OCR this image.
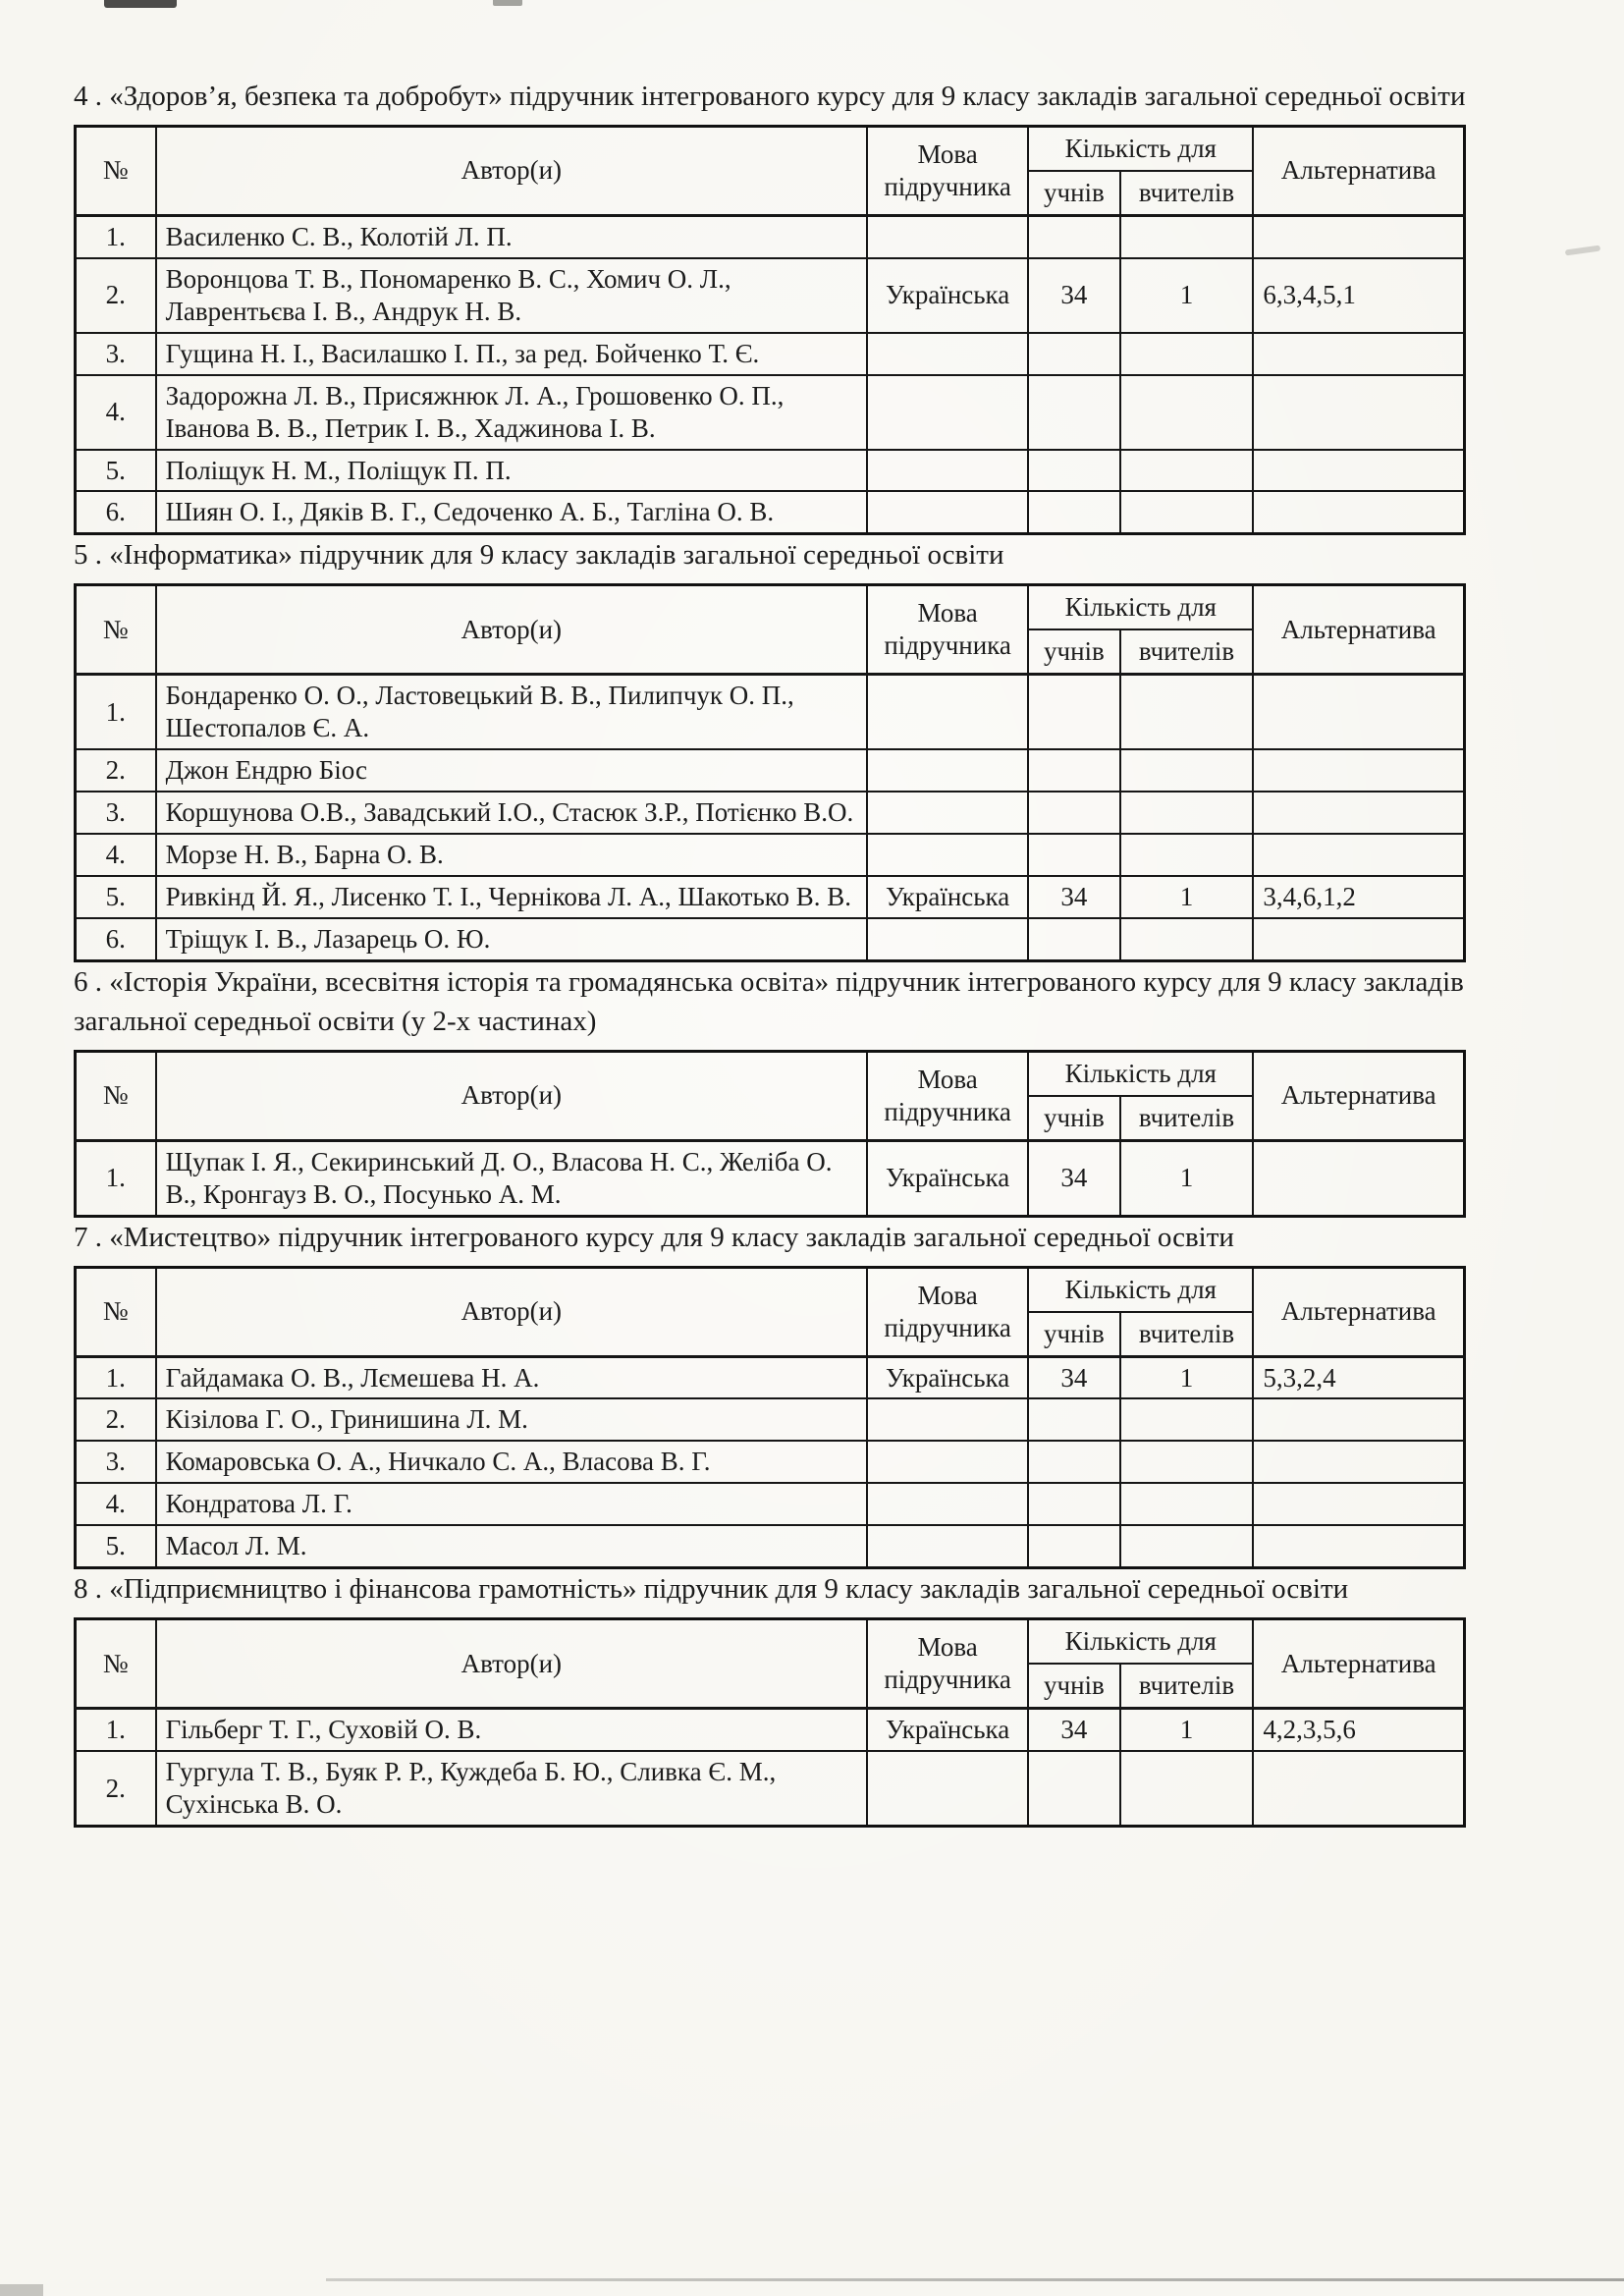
4 . «Здоров’я, безпека та добробут» підручник інтегрованого курсу для 9 класу закладів загальної середньої освіти

№	Автор(и)	Мова підручника	Кількість для		Альтернатива
			учнів	вчителів	
1.	Василенко С. В., Колотій Л. П.				
2.	Воронцова Т. В., Пономаренко В. С., Хомич О. Л., Лаврентьєва І. В., Андрук Н. В.	Українська	34	1	6,3,4,5,1
3.	Гущина Н. І., Василашко І. П., за ред. Бойченко Т. Є.				
4.	Задорожна Л. В., Присяжнюк Л. А., Грошовенко О. П., Іванова В. В., Петрик І. В., Хаджинова І. В.				
5.	Поліщук Н. М., Поліщук П. П.				
6.	Шиян О. І., Дяків В. Г., Седоченко А. Б., Тагліна О. В.				

5 . «Інформатика» підручник для 9 класу закладів загальної середньої освіти

№	Автор(и)	Мова підручника	Кількість для		Альтернатива
			учнів	вчителів	
1.	Бондаренко О. О., Ластовецький В. В., Пилипчук О. П., Шестопалов Є. А.				
2.	Джон Ендрю Біос				
3.	Коршунова О.В., Завадський І.О., Стасюк З.Р., Потієнко В.О.				
4.	Морзе Н. В., Барна О. В.				
5.	Ривкінд Й. Я., Лисенко Т. І., Чернікова Л. А., Шакотько В. В.	Українська	34	1	3,4,6,1,2
6.	Тріщук І. В., Лазарець О. Ю.				

6 . «Історія України, всесвітня історія та громадянська освіта» підручник інтегрованого курсу для 9 класу закладів загальної середньої освіти (у 2-х частинах)

№	Автор(и)	Мова підручника	Кількість для		Альтернатива
			учнів	вчителів	
1.	Щупак І. Я., Секиринський Д. О., Власова Н. С., Желіба О. В., Кронгауз В. О., Посунько А. М.	Українська	34	1	

7 . «Мистецтво» підручник інтегрованого курсу для 9 класу закладів загальної середньої освіти

№	Автор(и)	Мова підручника	Кількість для		Альтернатива
			учнів	вчителів	
1.	Гайдамака О. В., Лємешева Н. А.	Українська	34	1	5,3,2,4
2.	Кізілова Г. О., Гринишина Л. М.				
3.	Комаровська О. А., Ничкало С. А., Власова В. Г.				
4.	Кондратова Л. Г.				
5.	Масол Л. М.				

8 . «Підприємництво і фінансова грамотність» підручник для 9 класу закладів загальної середньої освіти

№	Автор(и)	Мова підручника	Кількість для		Альтернатива
			учнів	вчителів	
1.	Гільберг Т. Г., Суховій О. В.	Українська	34	1	4,2,3,5,6
2.	Гургула Т. В., Буяк Р. Р., Куждеба Б. Ю., Сливка Є. М., Сухінська В. О.				
